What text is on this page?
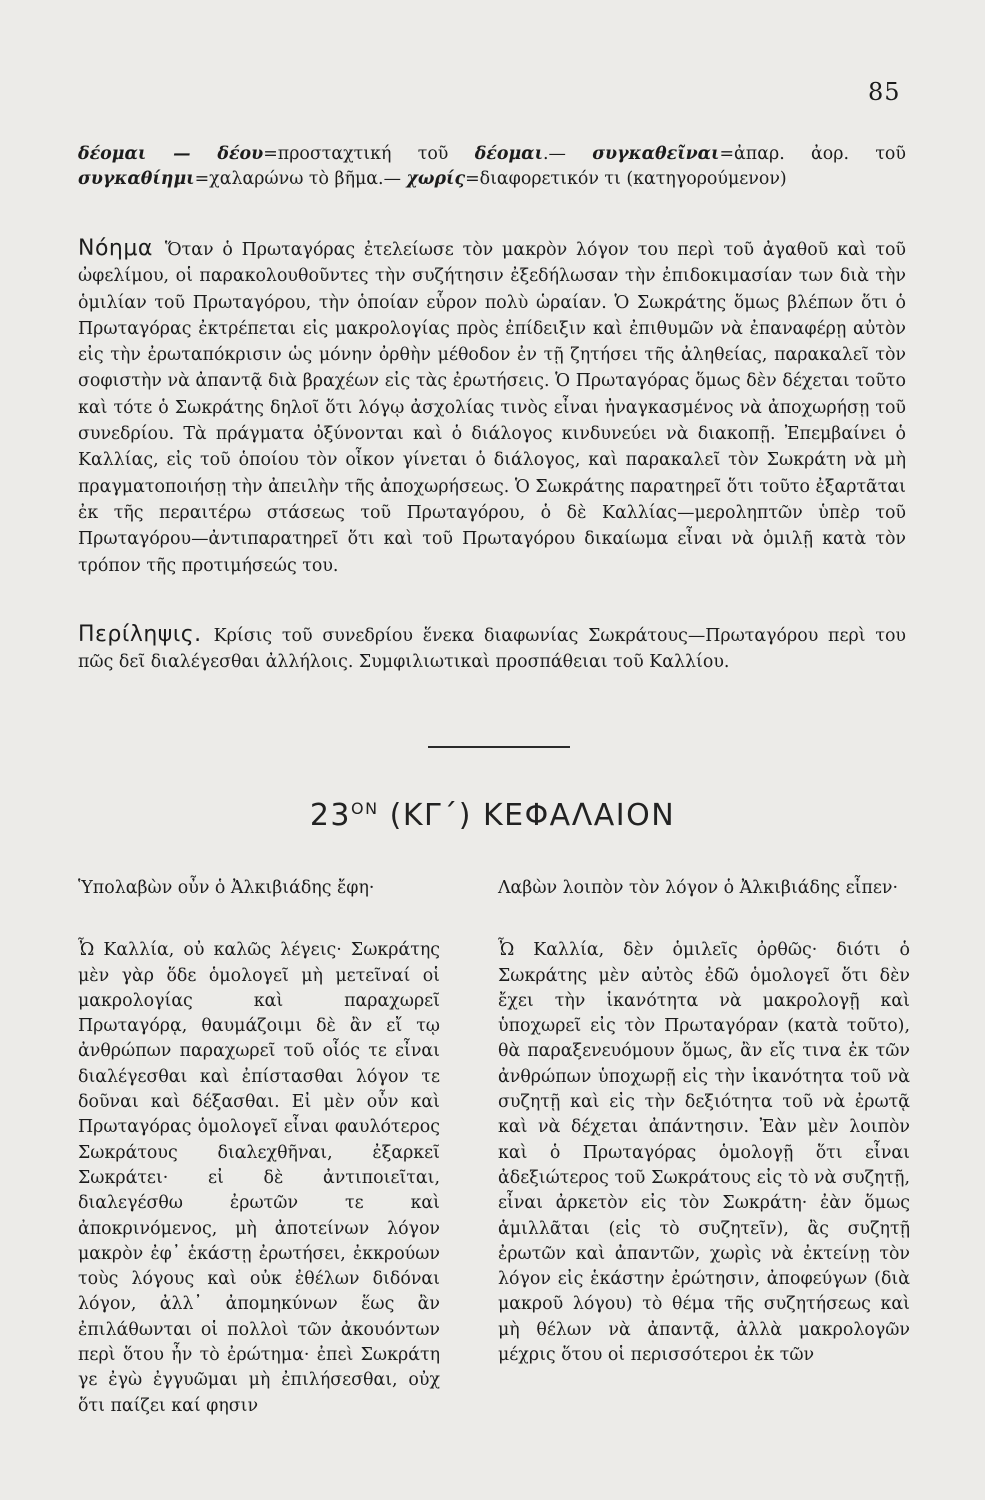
85
δέομαι — δέου=προσταχτική τοῦ δέομαι.— συγκαθεῖναι=ἀπαρ. ἀορ. τοῦ συγκαθίημι=χαλαρώνω τὸ βῆμα.— χωρίς=διαφορετικόν τι (κατηγορούμενον)
Νόημα Ὅταν ὁ Πρωταγόρας ἐτελείωσε τὸν μακρὸν λόγον του περὶ τοῦ ἀγαθοῦ καὶ τοῦ ὠφελίμου, οἱ παρακολουθοῦντες τὴν συζήτησιν ἐξεδήλωσαν τὴν ἐπιδοκιμασίαν των διὰ τὴν ὁμιλίαν τοῦ Πρωταγόρου, τὴν ὁποίαν εὗρον πολὺ ὡραίαν. Ὁ Σωκράτης ὅμως βλέπων ὅτι ὁ Πρωταγόρας ἐκτρέπεται εἰς μακρολογίας πρὸς ἐπίδειξιν καὶ ἐπιθυμῶν νὰ ἐπαναφέρῃ αὐτὸν εἰς τὴν ἐρωταπόκρισιν ὡς μόνην ὀρθὴν μέθοδον ἐν τῇ ζητήσει τῆς ἀληθείας, παρακαλεῖ τὸν σοφιστὴν νὰ ἀπαντᾷ διὰ βραχέων εἰς τὰς ἐρωτήσεις. Ὁ Πρωταγόρας ὅμως δὲν δέχεται τοῦτο καὶ τότε ὁ Σωκράτης δηλοῖ ὅτι λόγῳ ἀσχολίας τινὸς εἶναι ἠναγκασμένος νὰ ἀποχωρήσῃ τοῦ συνεδρίου. Τὰ πράγματα ὀξύνονται καὶ ὁ διάλογος κινδυνεύει νὰ διακοπῇ. Ἐπεμβαίνει ὁ Καλλίας, εἰς τοῦ ὁποίου τὸν οἶκον γίνεται ὁ διάλογος, καὶ παρακαλεῖ τὸν Σωκράτη νὰ μὴ πραγματοποιήσῃ τὴν ἀπειλὴν τῆς ἀποχωρήσεως. Ὁ Σωκράτης παρατηρεῖ ὅτι τοῦτο ἐξαρτᾶται ἐκ τῆς περαιτέρω στάσεως τοῦ Πρωταγόρου, ὁ δὲ Καλλίας—μεροληπτῶν ὑπὲρ τοῦ Πρωταγόρου—ἀντιπαρατηρεῖ ὅτι καὶ τοῦ Πρωταγόρου δικαίωμα εἶναι νὰ ὁμιλῇ κατὰ τὸν τρόπον τῆς προτιμήσεώς του.
Περίληψις. Κρίσις τοῦ συνεδρίου ἕνεκα διαφωνίας Σωκράτους—Πρωταγόρου περὶ του πῶς δεῖ διαλέγεσθαι ἀλλήλοις. Συμφιλιωτικαὶ προσπάθειαι τοῦ Καλλίου.
$23^{ON}$ (ΚΓ΄) ΚΕΦΑΛΑΙΟΝ

Ὑπολαβὼν οὖν ὁ Ἀλκιβιάδης ἔφη·

Ὦ Καλλία, οὐ καλῶς λέγεις· Σωκράτης μὲν γὰρ ὅδε ὁμολογεῖ μὴ μετεῖναί οἱ μακρολογίας καὶ παραχωρεῖ Πρωταγόρᾳ, θαυμάζοιμι δὲ ἂν εἴ τῳ ἀνθρώπων παραχωρεῖ τοῦ οἷός τε εἶναι διαλέγεσθαι καὶ ἐπίστασθαι λόγον τε δοῦναι καὶ δέξασθαι. Εἰ μὲν οὖν καὶ Πρωταγόρας ὁμολογεῖ εἶναι φαυλότερος Σωκράτους διαλεχθῆναι, ἐξαρκεῖ Σωκράτει· εἰ δὲ ἀντιποιεῖται, διαλεγέσθω ἐρωτῶν τε καὶ ἀποκρινόμενος, μὴ ἀποτείνων λόγον μακρὸν ἐφ᾿ ἑκάστῃ ἐρωτήσει, ἐκκρούων τοὺς λόγους καὶ οὐκ ἐθέλων διδόναι λόγον, ἀλλ᾿ ἀπομηκύνων ἕως ἂν ἐπιλάθωνται οἱ πολλοὶ τῶν ἀκουόντων περὶ ὅτου ἦν τὸ ἐρώτημα· ἐπεὶ Σωκράτη γε ἐγὼ ἐγγυῶμαι μὴ ἐπιλήσεσθαι, οὐχ ὅτι παίζει καί φησιν

Λαβὼν λοιπὸν τὸν λόγον ὁ Ἀλκιβιάδης εἶπεν·

Ὦ Καλλία, δὲν ὁμιλεῖς ὀρθῶς· διότι ὁ Σωκράτης μὲν αὐτὸς ἐδῶ ὁμολογεῖ ὅτι δὲν ἔχει τὴν ἱκανότητα νὰ μακρολογῇ καὶ ὑποχωρεῖ εἰς τὸν Πρωταγόραν (κατὰ τοῦτο), θὰ παραξενευόμουν ὅμως, ἂν εἴς τινα ἐκ τῶν ἀνθρώπων ὑποχωρῇ εἰς τὴν ἱκανότητα τοῦ νὰ συζητῇ καὶ εἰς τὴν δεξιότητα τοῦ νὰ ἐρωτᾷ καὶ νὰ δέχεται ἀπάντησιν. Ἐὰν μὲν λοιπὸν καὶ ὁ Πρωταγόρας ὁμολογῇ ὅτι εἶναι ἀδεξιώτερος τοῦ Σωκράτους εἰς τὸ νὰ συζητῇ, εἶναι ἀρκετὸν εἰς τὸν Σωκράτη· ἐὰν ὅμως ἁμιλλᾶται (εἰς τὸ συζητεῖν), ἂς συζητῇ ἐρωτῶν καὶ ἀπαντῶν, χωρὶς νὰ ἐκτείνῃ τὸν λόγον εἰς ἑκάστην ἐρώτησιν, ἀποφεύγων (διὰ μακροῦ λόγου) τὸ θέμα τῆς συζητήσεως καὶ μὴ θέλων νὰ ἀπαντᾷ, ἀλλὰ μακρολογῶν μέχρις ὅτου οἱ περισσότεροι ἐκ τῶν
